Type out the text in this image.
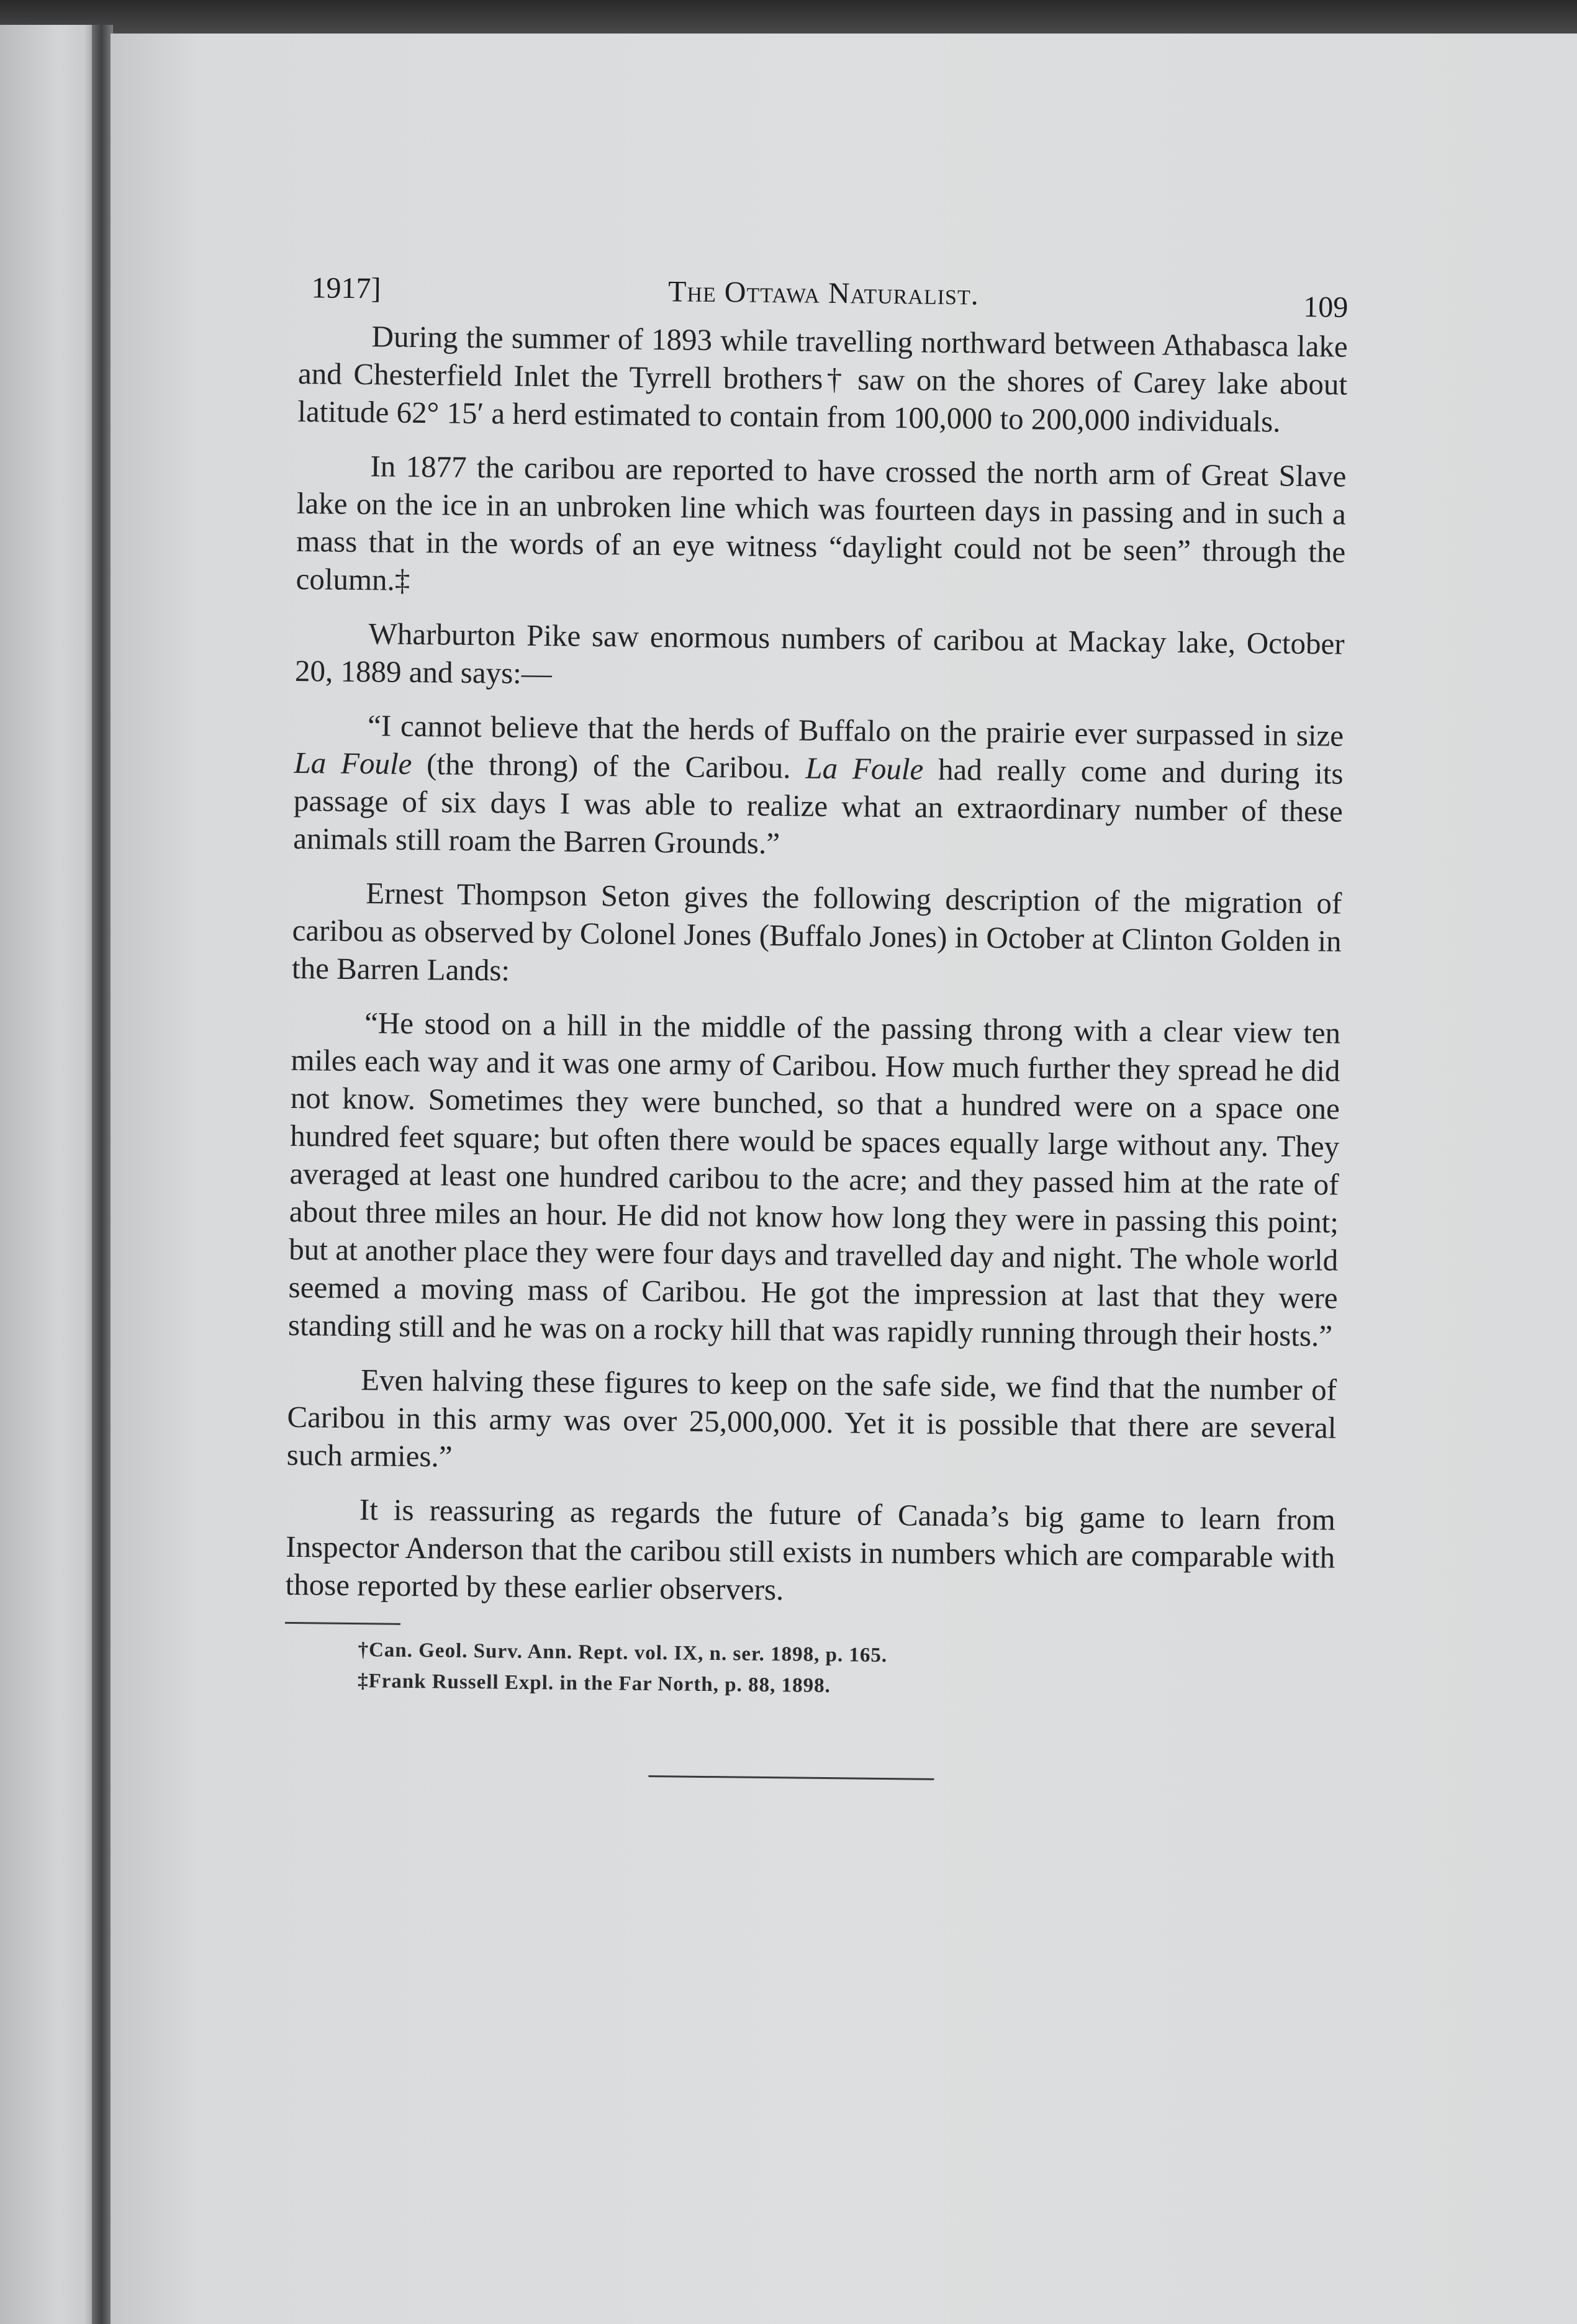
1917]	The Ottawa Naturalist.	109

During the summer of 1893 while travelling northward between Athabasca lake and Chesterfield Inlet the Tyrrell brothers† saw on the shores of Carey lake about latitude 62° 15′ a herd estimated to contain from 100,000 to 200,000 individuals.

In 1877 the caribou are reported to have crossed the north arm of Great Slave lake on the ice in an unbroken line which was fourteen days in passing and in such a mass that in the words of an eye witness “daylight could not be seen” through the column.‡

Wharburton Pike saw enormous numbers of caribou at Mackay lake, October 20, 1889 and says:—

“I cannot believe that the herds of Buffalo on the prairie ever surpassed in size La Foule (the throng) of the Caribou. La Foule had really come and during its passage of six days I was able to realize what an extraordinary number of these animals still roam the Barren Grounds.”

Ernest Thompson Seton gives the following description of the migration of caribou as observed by Colonel Jones (Buffalo Jones) in October at Clinton Golden in the Barren Lands:

“He stood on a hill in the middle of the passing throng with a clear view ten miles each way and it was one army of Caribou. How much further they spread he did not know. Sometimes they were bunched, so that a hundred were on a space one hundred feet square; but often there would be spaces equally large without any. They averaged at least one hundred caribou to the acre; and they passed him at the rate of about three miles an hour. He did not know how long they were in passing this point; but at another place they were four days and travelled day and night. The whole world seemed a moving mass of Caribou. He got the impression at last that they were standing still and he was on a rocky hill that was rapidly running through their hosts.”

Even halving these figures to keep on the safe side, we find that the number of Caribou in this army was over 25,000,000. Yet it is possible that there are several such armies.”

It is reassuring as regards the future of Canada’s big game to learn from Inspector Anderson that the caribou still exists in numbers which are comparable with those reported by these earlier observers.

†Can. Geol. Surv. Ann. Rept. vol. IX, n. ser. 1898, p. 165.
‡Frank Russell Expl. in the Far North, p. 88, 1898.
